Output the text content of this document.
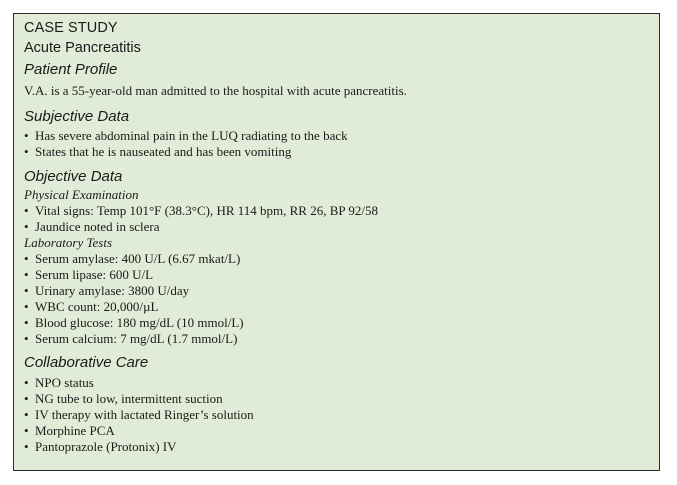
CASE STUDY
Acute Pancreatitis
Patient Profile
V.A. is a 55-year-old man admitted to the hospital with acute pancreatitis.
Subjective Data
• Has severe abdominal pain in the LUQ radiating to the back
• States that he is nauseated and has been vomiting
Objective Data
Physical Examination
• Vital signs: Temp 101°F (38.3°C), HR 114 bpm, RR 26, BP 92/58
• Jaundice noted in sclera
Laboratory Tests
• Serum amylase: 400 U/L (6.67 mkat/L)
• Serum lipase: 600 U/L
• Urinary amylase: 3800 U/day
• WBC count: 20,000/µL
• Blood glucose: 180 mg/dL (10 mmol/L)
• Serum calcium: 7 mg/dL (1.7 mmol/L)
Collaborative Care
• NPO status
• NG tube to low, intermittent suction
• IV therapy with lactated Ringer’s solution
• Morphine PCA
• Pantoprazole (Protonix) IV
